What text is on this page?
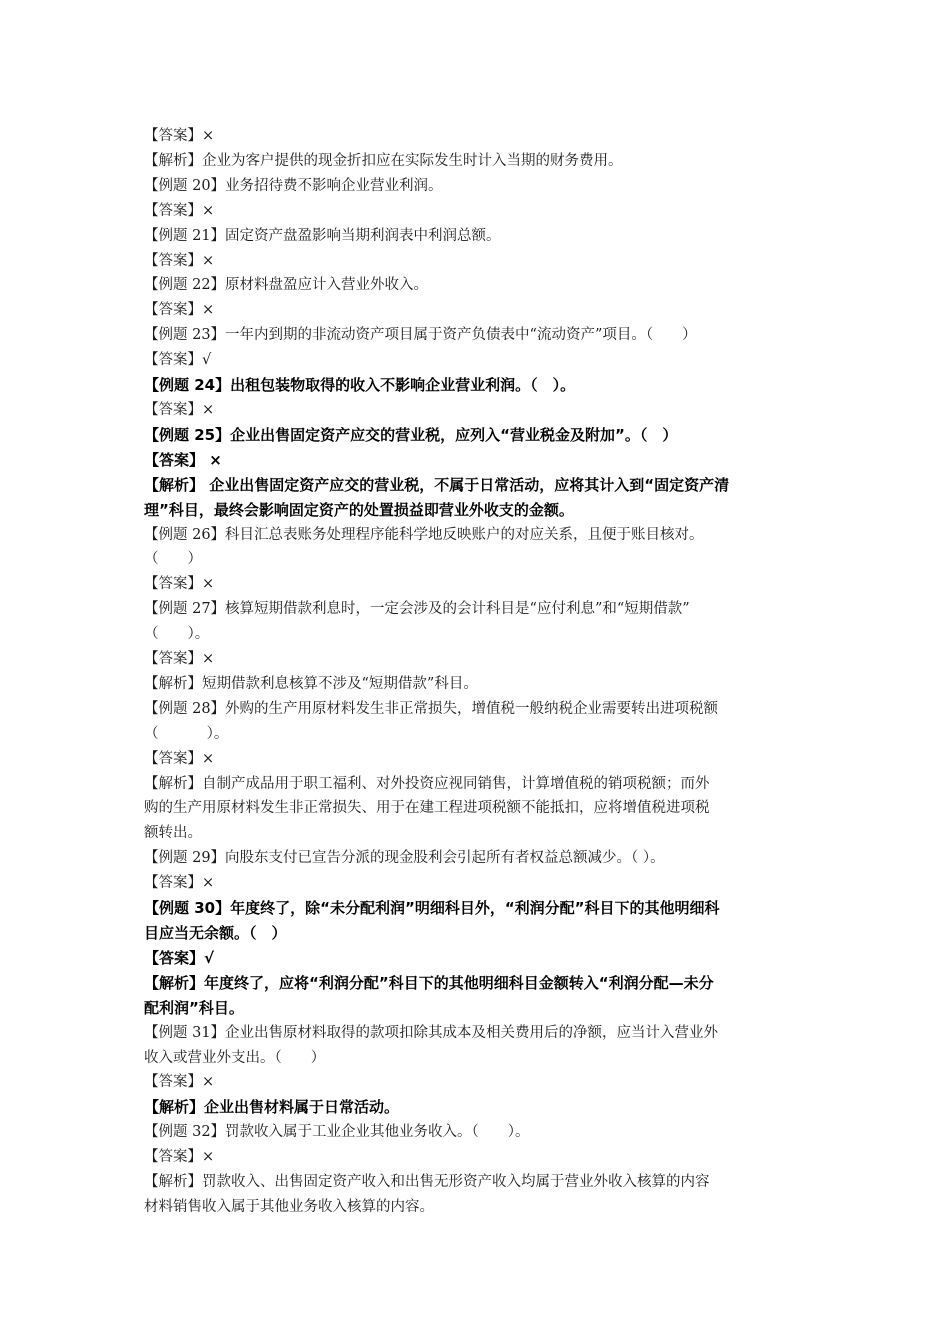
【答案】×
【解析】企业为客户提供的现金折扣应在实际发生时计入当期的财务费用。
【例题 20】业务招待费不影响企业营业利润。
【答案】×
【例题 21】固定资产盘盈影响当期利润表中利润总额。
【答案】×
【例题 22】原材料盘盈应计入营业外收入。
【答案】×
【例题 23】一年内到期的非流动资产项目属于资产负债表中“流动资产”项目。（　　）
【答案】√
【例题 24】出租包装物取得的收入不影响企业营业利润。（　）。
【答案】×
【例题 25】企业出售固定资产应交的营业税，应列入“营业税金及附加”。（　）
【答案】 ×
【解析】 企业出售固定资产应交的营业税，不属于日常活动，应将其计入到“固定资产清
理”科目，最终会影响固定资产的处置损益即营业外收支的金额。
【例题 26】科目汇总表账务处理程序能科学地反映账户的对应关系，且便于账目核对。
（　　）
【答案】×
【例题 27】核算短期借款利息时，一定会涉及的会计科目是“应付利息”和“短期借款”
（　　）。
【答案】×
【解析】短期借款利息核算不涉及“短期借款”科目。
【例题 28】外购的生产用原材料发生非正常损失，增值税一般纳税企业需要转出进项税额
（　　　 ）。
【答案】×
【解析】自制产成品用于职工福利、对外投资应视同销售，计算增值税的销项税额；而外
购的生产用原材料发生非正常损失、用于在建工程进项税额不能抵扣，应将增值税进项税
额转出。
【例题 29】向股东支付已宣告分派的现金股利会引起所有者权益总额减少。（ ）。
【答案】×
【例题 30】年度终了，除“未分配利润”明细科目外，“利润分配”科目下的其他明细科
目应当无余额。（　）
【答案】√
【解析】年度终了，应将“利润分配”科目下的其他明细科目金额转入“利润分配—未分
配利润”科目。
【例题 31】企业出售原材料取得的款项扣除其成本及相关费用后的净额，应当计入营业外
收入或营业外支出。（　　）
【答案】×
【解析】企业出售材料属于日常活动。
【例题 32】罚款收入属于工业企业其他业务收入。（　　）。
【答案】×
【解析】罚款收入、出售固定资产收入和出售无形资产收入均属于营业外收入核算的内容
材料销售收入属于其他业务收入核算的内容。
